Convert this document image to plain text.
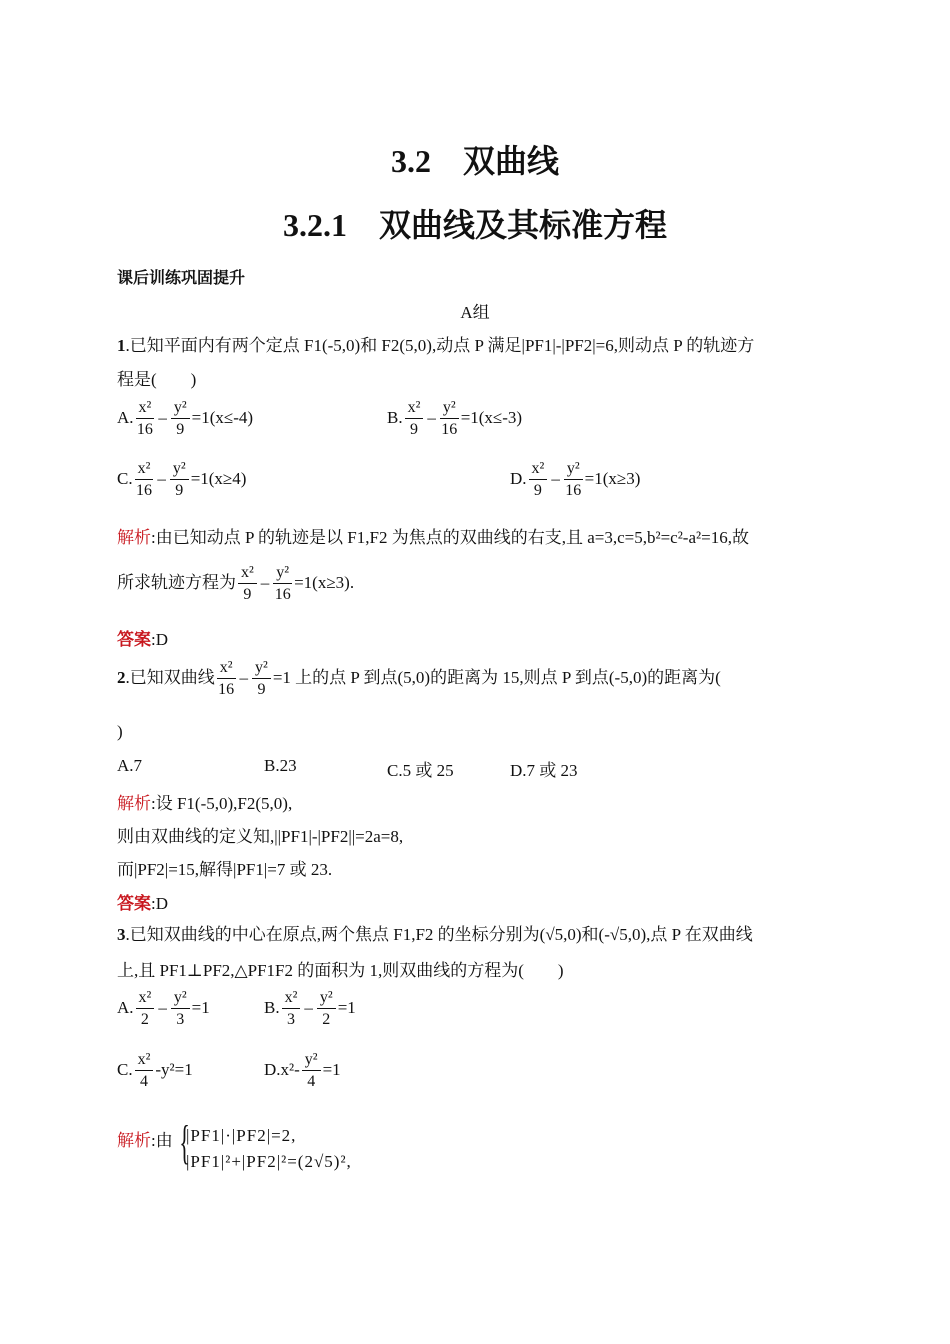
3.2　双曲线
3.2.1　双曲线及其标准方程
课后训练巩固提升
A组
1.已知平面内有两个定点 F1(-5,0)和 F2(5,0),动点 P 满足|PF1|-|PF2|=6,则动点 P 的轨迹方
程是(　　)
A. $\frac{\text{x²}}{16} - \frac{\text{y²}}{9} =1(x\le-4)$	B. $\frac{\text{x²}}{9} - \frac{\text{y²}}{16} =1(x\le-3)$
C. $\frac{\text{x²}}{16} - \frac{\text{y²}}{9} =1(x\ge 4)$	D. $\frac{\text{x²}}{9} - \frac{\text{y²}}{16} =1(x\ge 3)$
解析:由已知动点 P 的轨迹是以 F1,F2 为焦点的双曲线的右支,且 a=3,c=5,b²=c²-a²=16,故
所求轨迹方程为 $\frac{\text{x²}}{9} - \frac{\text{y²}}{16} =1(x\ge 3)$.
答案:D
2.已知双曲线 $\frac{\text{x²}}{16} - \frac{\text{y²}}{9} =1$ 上的点 P 到点(5,0)的距离为 15,则点 P 到点(-5,0)的距离为(
)
A.7	B.23	C.5 或 25	D.7 或 23
解析:设 F1(-5,0),F2(5,0),
则由双曲线的定义知,||PF1|-|PF2||=2a=8,
而|PF2|=15,解得|PF1|=7 或 23.
答案:D
3.已知双曲线的中心在原点,两个焦点 F1,F2 的坐标分别为(√5,0)和(-√5,0),点 P 在双曲线
上,且 PF1⊥PF2,△PF1F2 的面积为 1,则双曲线的方程为(　　)
A. $\frac{\text{x²}}{2} - \frac{\text{y²}}{3} =1$	B. $\frac{\text{x²}}{3} - \frac{\text{y²}}{2} =1$
C. $\frac{\text{x²}}{4} -y^2=1$	$D.x^2- \frac{\text{y²}}{4} =1$
解析:由 {
|PF1|·|PF2|=2,
|PF1|²+|PF2|²=(2√5)²,
